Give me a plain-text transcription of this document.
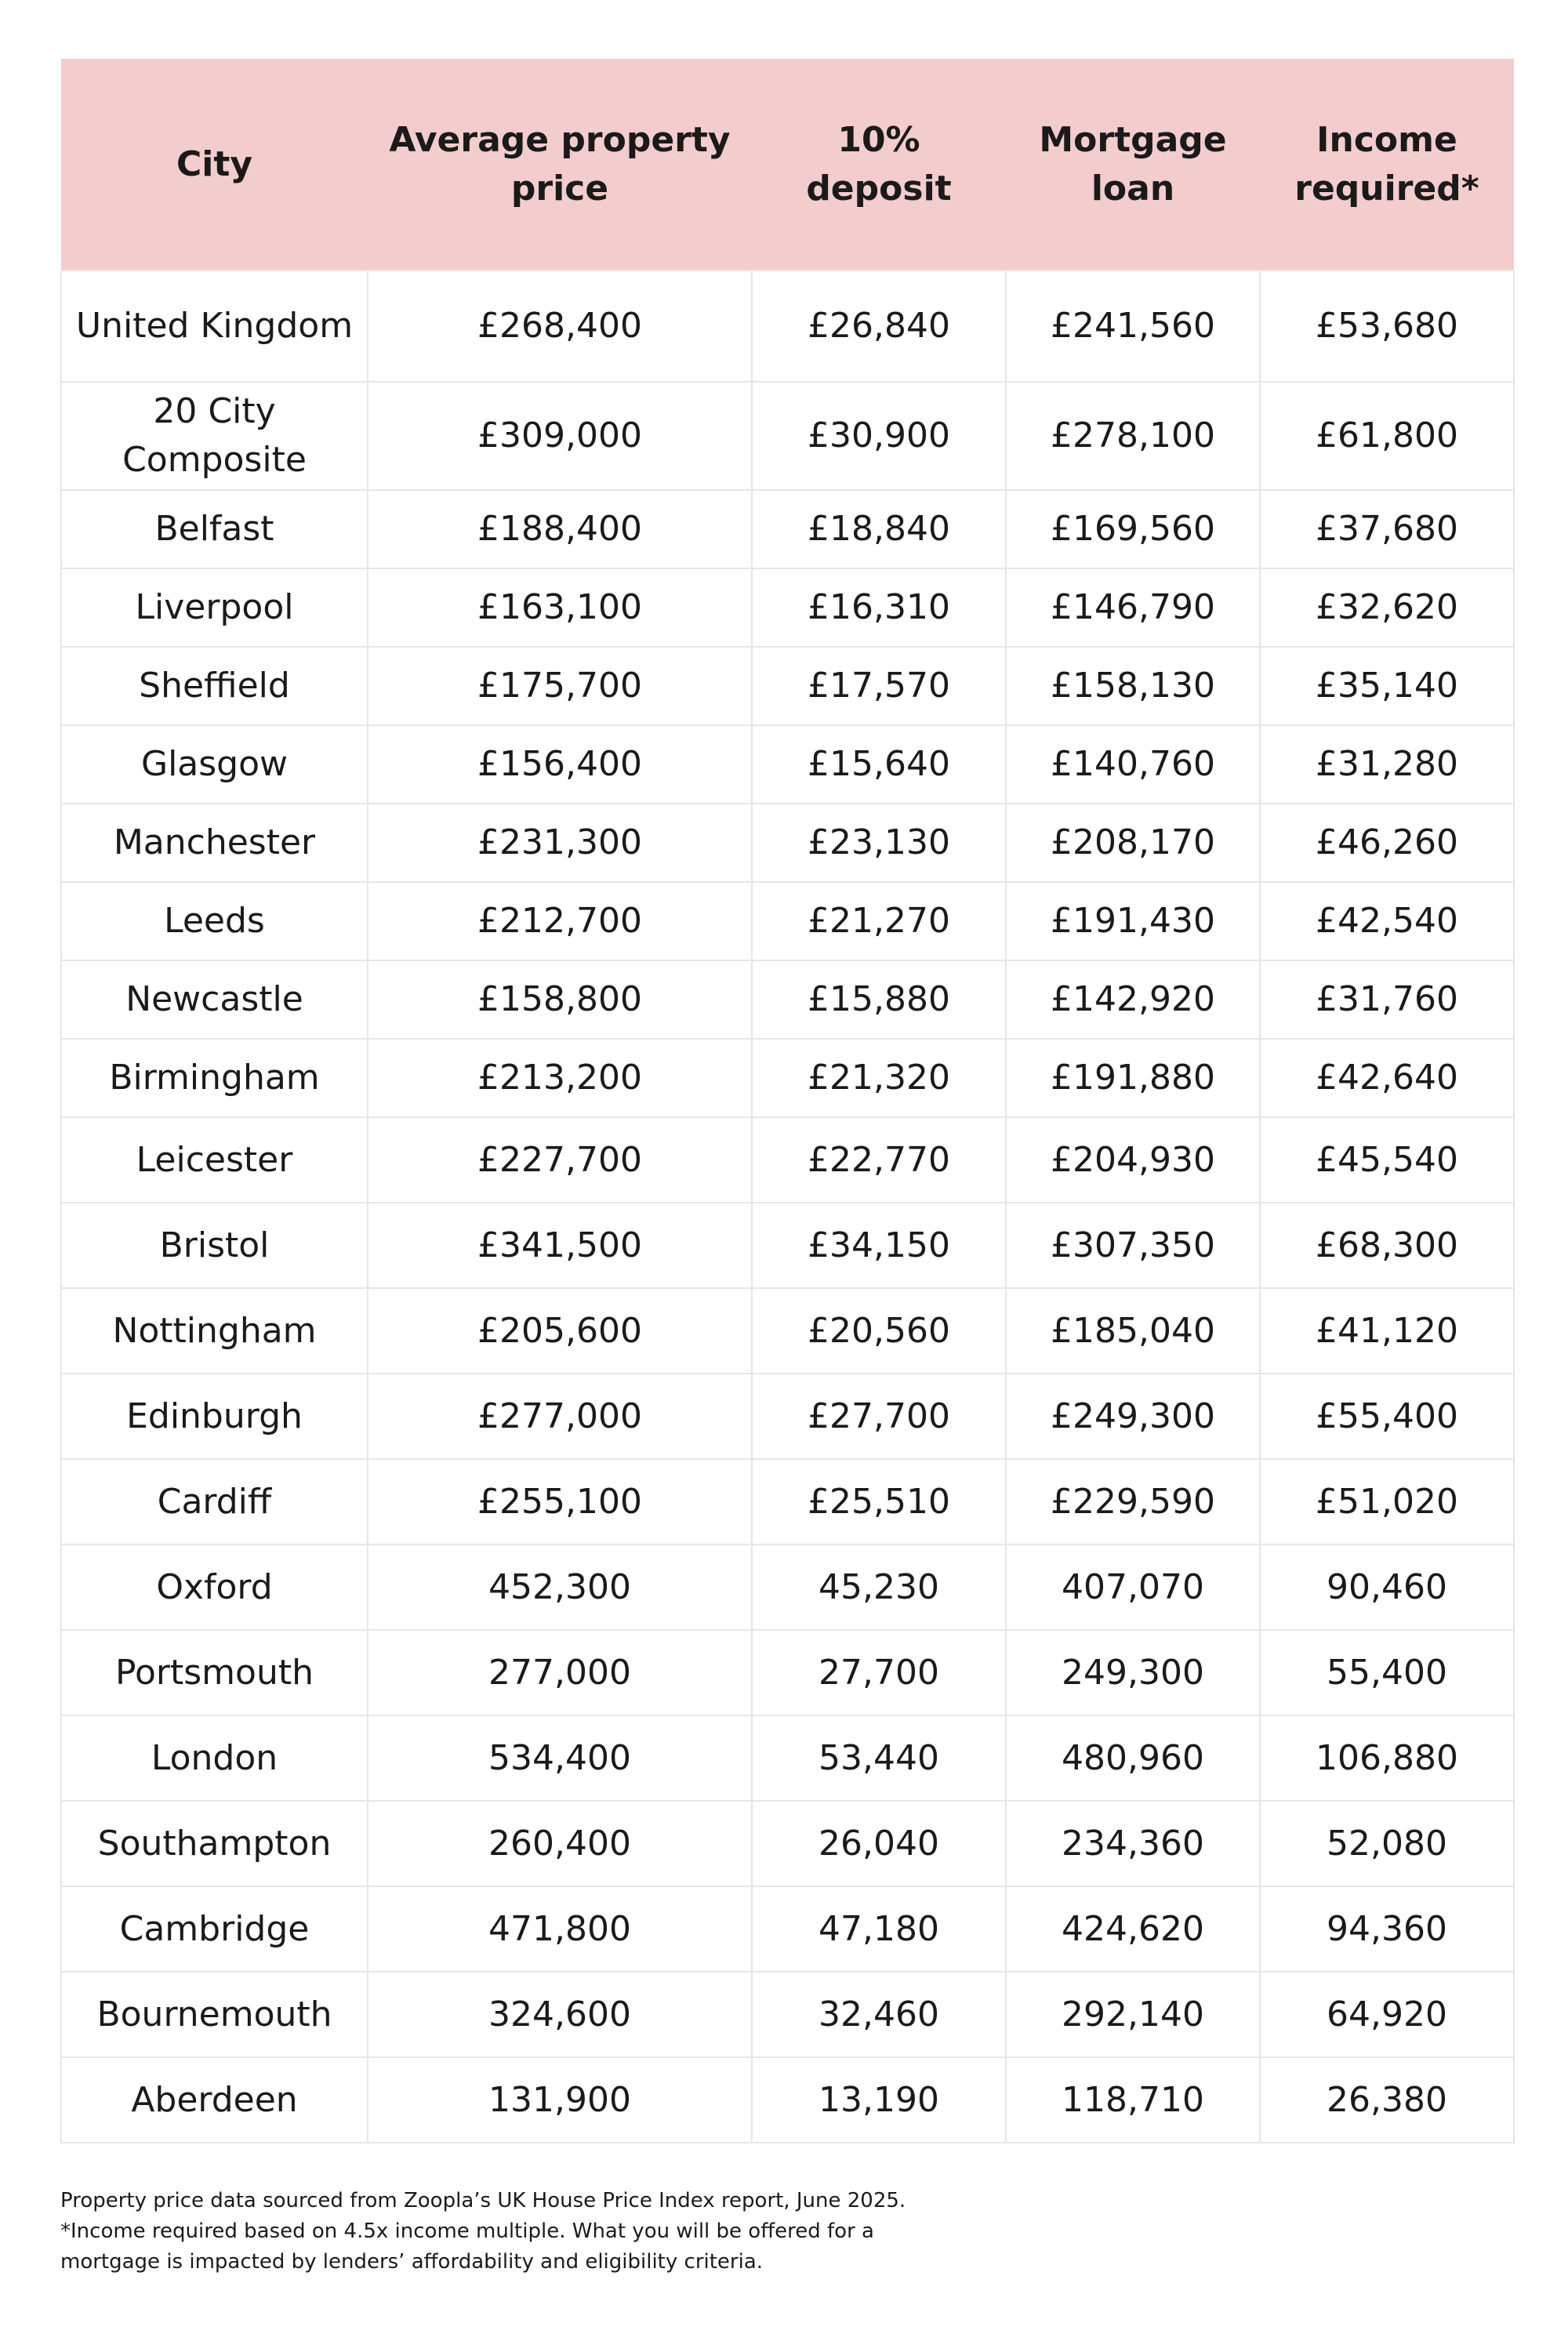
City	Average property price	10% deposit	Mortgage loan	Income required*
United Kingdom	£268,400	£26,840	£241,560	£53,680
20 City Composite	£309,000	£30,900	£278,100	£61,800
Belfast	£188,400	£18,840	£169,560	£37,680
Liverpool	£163,100	£16,310	£146,790	£32,620
Sheffield	£175,700	£17,570	£158,130	£35,140
Glasgow	£156,400	£15,640	£140,760	£31,280
Manchester	£231,300	£23,130	£208,170	£46,260
Leeds	£212,700	£21,270	£191,430	£42,540
Newcastle	£158,800	£15,880	£142,920	£31,760
Birmingham	£213,200	£21,320	£191,880	£42,640
Leicester	£227,700	£22,770	£204,930	£45,540
Bristol	£341,500	£34,150	£307,350	£68,300
Nottingham	£205,600	£20,560	£185,040	£41,120
Edinburgh	£277,000	£27,700	£249,300	£55,400
Cardiff	£255,100	£25,510	£229,590	£51,020
Oxford	452,300	45,230	407,070	90,460
Portsmouth	277,000	27,700	249,300	55,400
London	534,400	53,440	480,960	106,880
Southampton	260,400	26,040	234,360	52,080
Cambridge	471,800	47,180	424,620	94,360
Bournemouth	324,600	32,460	292,140	64,920
Aberdeen	131,900	13,190	118,710	26,380

Property price data sourced from Zoopla’s UK House Price Index report, June 2025.

*Income required based on 4.5x income multiple. What you will be offered for a

mortgage is impacted by lenders’ affordability and eligibility criteria.
